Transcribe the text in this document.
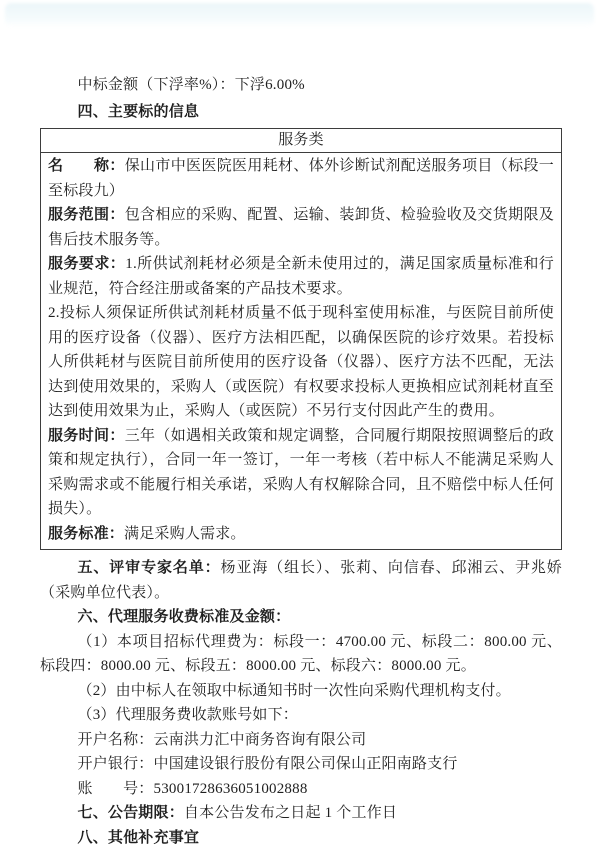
中标金额（下浮率%）：下浮6.00%

四、主要标的信息

服务类

名　　称：保山市中医医院医用耗材、体外诊断试剂配送服务项目（标段一至标段九）

服务范围：包含相应的采购、配置、运输、装卸货、检验验收及交货期限及售后技术服务等。

服务要求：1.所供试剂耗材必须是全新未使用过的，满足国家质量标准和行业规范，符合经注册或备案的产品技术要求。

2.投标人须保证所供试剂耗材质量不低于现科室使用标准，与医院目前所使用的医疗设备（仪器）、医疗方法相匹配，以确保医院的诊疗效果。若投标人所供耗材与医院目前所使用的医疗设备（仪器）、医疗方法不匹配，无法达到使用效果的，采购人（或医院）有权要求投标人更换相应试剂耗材直至达到使用效果为止，采购人（或医院）不另行支付因此产生的费用。

服务时间：三年（如遇相关政策和规定调整，合同履行期限按照调整后的政策和规定执行），合同一年一签订，一年一考核（若中标人不能满足采购人采购需求或不能履行相关承诺，采购人有权解除合同，且不赔偿中标人任何损失）。

服务标准：满足采购人需求。

五、评审专家名单：杨亚海（组长）、张莉、向信春、邱湘云、尹兆娇（采购单位代表）。

六、代理服务收费标准及金额：

（1）本项目招标代理费为：标段一：4700.00 元、标段二：800.00 元、标段四：8000.00 元、标段五：8000.00 元、标段六：8000.00 元。

（2）由中标人在领取中标通知书时一次性向采购代理机构支付。

（3）代理服务费收款账号如下：

开户名称：云南洪力汇中商务咨询有限公司

开户银行：中国建设银行股份有限公司保山正阳南路支行

账　　号：53001728636051002888

七、公告期限：自本公告发布之日起 1 个工作日

八、其他补充事宜
